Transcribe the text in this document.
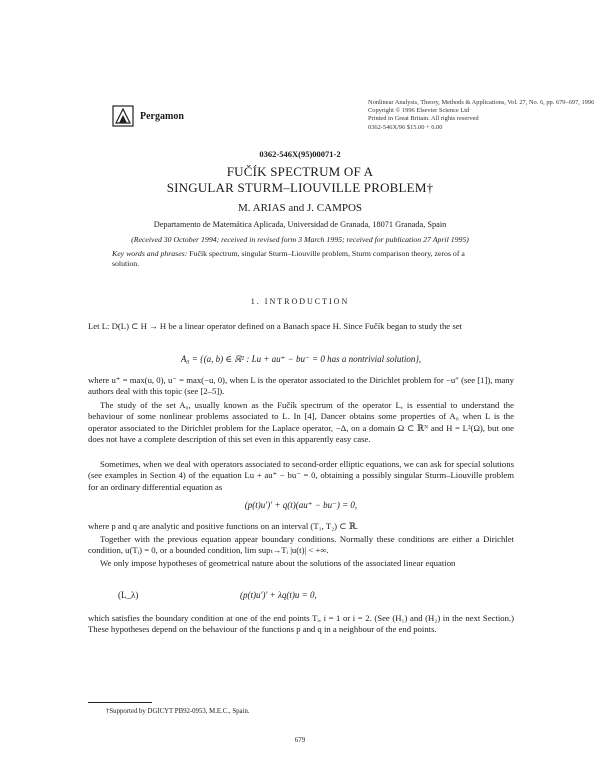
Pergamon
Nonlinear Analysis, Theory, Methods & Applications, Vol. 27, No. 6, pp. 679–697, 1996
Copyright © 1996 Elsevier Science Ltd
Printed in Great Britain. All rights reserved
0362-546X/96 $15.00 + 0.00
0362-546X(95)00071-2
FUČÍK SPECTRUM OF A
SINGULAR STURM–LIOUVILLE PROBLEM†
M. ARIAS and J. CAMPOS
Departamento de Matemática Aplicada, Universidad de Granada, 18071 Granada, Spain
(Received 30 October 1994; received in revised form 3 March 1995; received for publication 27 April 1995)
Key words and phrases: Fučík spectrum, singular Sturm–Liouville problem, Sturm comparison theory, zeros of a solution.
1. INTRODUCTION

Let L: D(L) ⊂ H → H be a linear operator defined on a Banach space H. Since Fučík began to study the set

A₀ = {(a, b) ∈ ℝ² : Lu + au⁺ − bu⁻ = 0 has a nontrivial solution},

where u⁺ = max(u, 0), u⁻ = max(−u, 0), when L is the operator associated to the Dirichlet problem for −u″ (see [1]), many authors deal with this topic (see [2–5]).

The study of the set A₀, usually known as the Fučík spectrum of the operator L, is essential to understand the behaviour of some nonlinear problems associated to L. In [4], Dancer obtains some properties of A₀ when L is the operator associated to the Dirichlet problem for the Laplace operator, −Δ, on a domain Ω ⊂ ℝᴺ and H = L²(Ω), but one does not have a complete description of this set even in this apparently easy case.

Sometimes, when we deal with operators associated to second-order elliptic equations, we can ask for special solutions (see examples in Section 4) of the equation Lu + au⁺ − bu⁻ = 0, obtaining a possibly singular Sturm–Liouville problem for an ordinary differential equation as

(p(t)u′)′ + q(t)(au⁺ − bu⁻) = 0,

where p and q are analytic and positive functions on an interval (T₁, T₂) ⊂ ℝ.

Together with the previous equation appear boundary conditions. Normally these conditions are either a Dirichlet condition, u(Tᵢ) = 0, or a bounded condition, lim supₜ→Tᵢ |u(t)| < +∞.

We only impose hypotheses of geometrical nature about the solutions of the associated linear equation

(L_λ)	(p(t)u′)′ + λq(t)u = 0,

which satisfies the boundary condition at one of the end points Tᵢ, i = 1 or i = 2. (See (H₁) and (H₂) in the next Section.) These hypotheses depend on the behaviour of the functions p and q in a neighbour of the end points.

†Supported by DGICYT PB92-0953, M.E.C., Spain.
679
